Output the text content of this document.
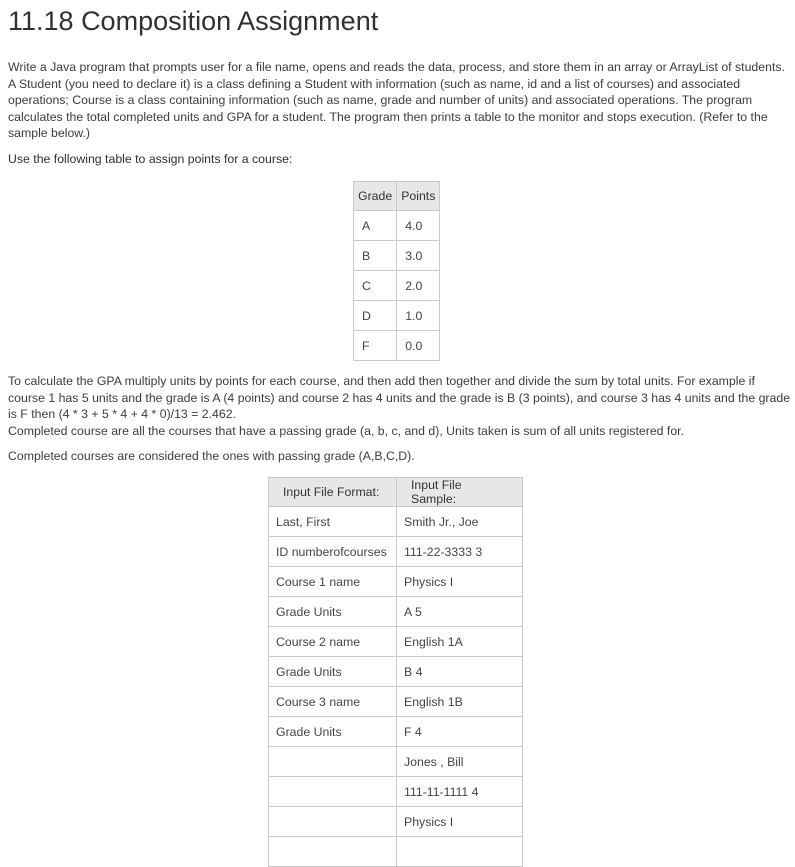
11.18 Composition Assignment

Write a Java program that prompts user for a file name, opens and reads the data, process, and store them in an array or ArrayList of students. A Student (you need to declare it) is a class defining a Student with information (such as name, id and a list of courses) and associated operations; Course is a class containing information (such as name, grade and number of units) and associated operations. The program calculates the total completed units and GPA for a student. The program then prints a table to the monitor and stops execution. (Refer to the sample below.)

Use the following table to assign points for a course:

Grade	Points
A	4.0
B	3.0
C	2.0
D	1.0
F	0.0
To calculate the GPA multiply units by points for each course, and then add then together and divide the sum by total units. For example if course 1 has 5 units and the grade is A (4 points) and course 2 has 4 units and the grade is B (3 points), and course 3 has 4 units and the grade is F then (4 * 3 + 5 * 4 + 4 * 0)/13 = 2.462.
Completed course are all the courses that have a passing grade (a, b, c, and d), Units taken is sum of all units registered for.

Completed courses are considered the ones with passing grade (A,B,C,D).

Input File Format:	Input File Sample:
Last, First	Smith Jr., Joe
ID numberofcourses	111-22-3333 3
Course 1 name	Physics I
Grade Units	A 5
Course 2 name	English 1A
Grade Units	B 4
Course 3 name	English 1B
Grade Units	F 4
	Jones , Bill
	111-11-1111 4
	Physics I
